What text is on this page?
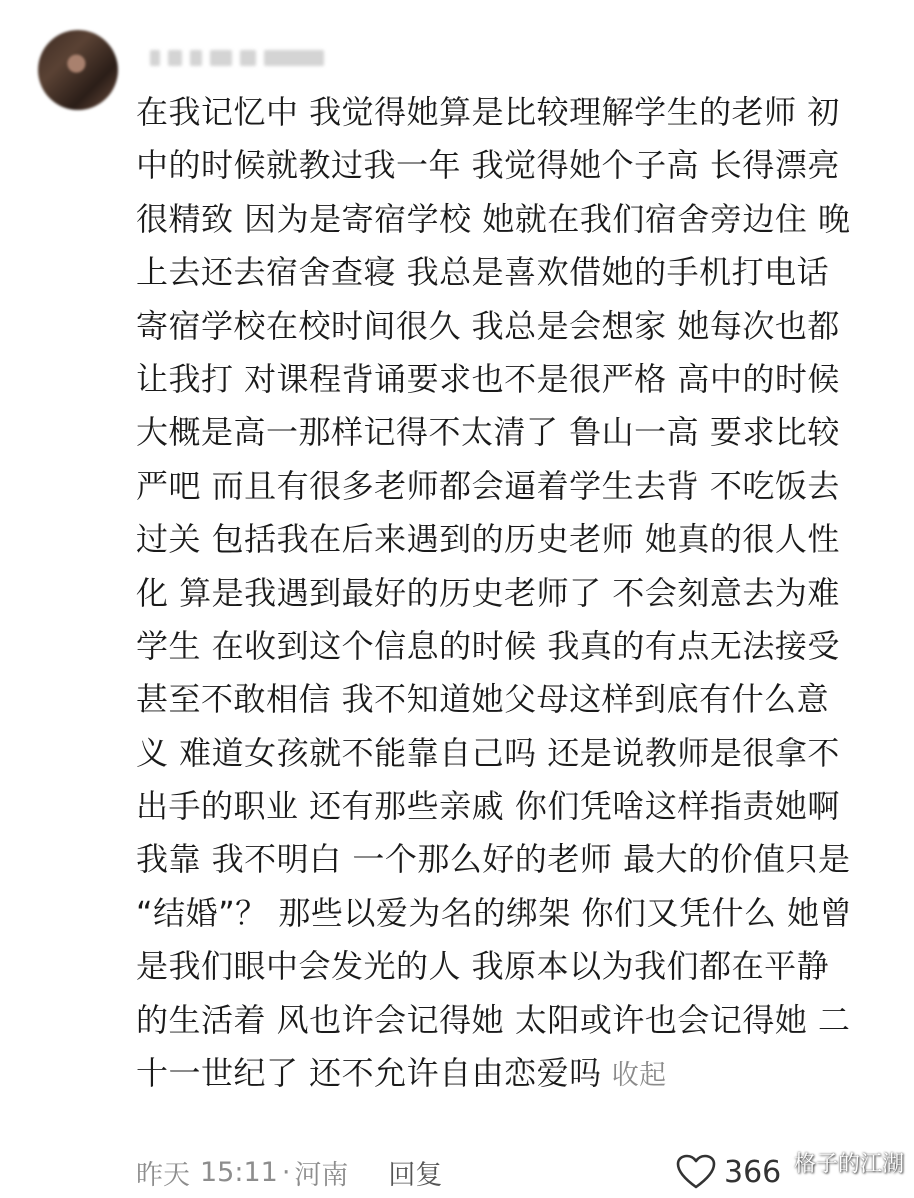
在我记忆中 我觉得她算是比较理解学生的老师 初
中的时候就教过我一年 我觉得她个子高 长得漂亮
很精致 因为是寄宿学校 她就在我们宿舍旁边住 晚
上去还去宿舍查寝 我总是喜欢借她的手机打电话
寄宿学校在校时间很久 我总是会想家 她每次也都
让我打 对课程背诵要求也不是很严格 高中的时候
大概是高一那样记得不太清了 鲁山一高 要求比较
严吧 而且有很多老师都会逼着学生去背 不吃饭去
过关 包括我在后来遇到的历史老师 她真的很人性
化 算是我遇到最好的历史老师了 不会刻意去为难
学生 在收到这个信息的时候 我真的有点无法接受
甚至不敢相信 我不知道她父母这样到底有什么意
义 难道女孩就不能靠自己吗 还是说教师是很拿不
出手的职业 还有那些亲戚 你们凭啥这样指责她啊
我靠 我不明白 一个那么好的老师 最大的价值只是
“结婚”？ 那些以爱为名的绑架 你们又凭什么 她曾
是我们眼中会发光的人 我原本以为我们都在平静
的生活着 风也许会记得她 太阳或许也会记得她 二
十一世纪了 还不允许自由恋爱吗 收起
昨天 15:11 · 河南 回复	366 格子的江湖
